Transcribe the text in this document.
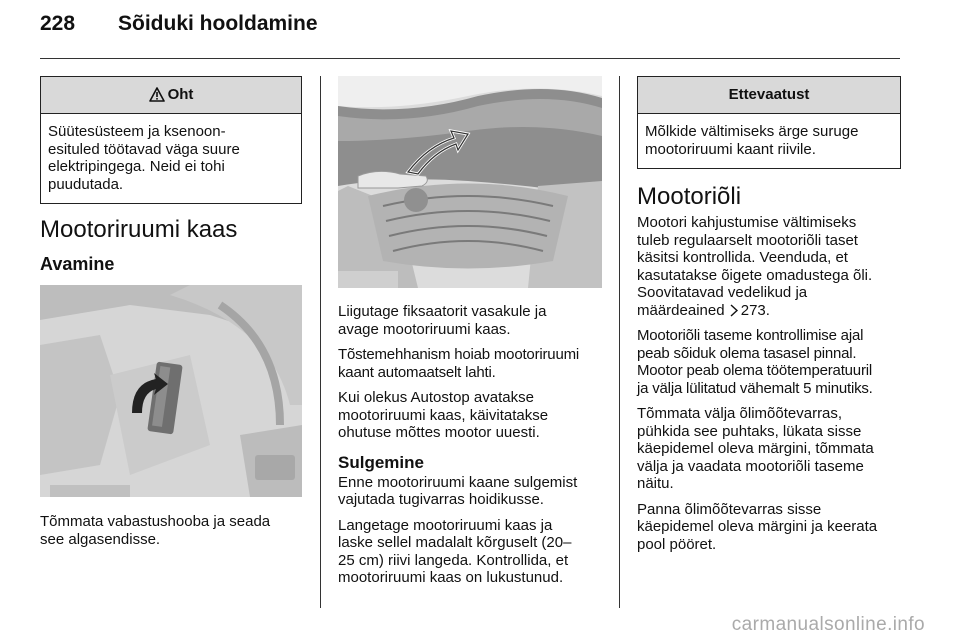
228 Sõiduki hooldamine
Oht
Süütesüsteem ja ksenoon-
esituled töötavad väga suure
elektripingega. Neid ei tohi
puudutada.
Mootoriruumi kaas
Avamine

Tõmmata vabastushooba ja seada
see algasendisse.

Liigutage fiksaatorit vasakule ja
avage mootoriruumi kaas.

Tõstemehhanism hoiab mootoriruumi
kaant automaatselt lahti.

Kui olekus Autostop avatakse
mootoriruumi kaas, käivitatakse
ohutuse mõttes mootor uuesti.

Sulgemine

Enne mootoriruumi kaane sulgemist
vajutada tugivarras hoidikusse.

Langetage mootoriruumi kaas ja
laske sellel madalalt kõrguselt (20–
25 cm) riivi langeda. Kontrollida, et
mootoriruumi kaas on lukustunud.

Ettevaatust
Mõlkide vältimiseks ärge suruge
mootoriruumi kaant riivile.
Mootoriõli

Mootori kahjustumise vältimiseks
tuleb regulaarselt mootoriõli taset
käsitsi kontrollida. Veenduda, et
kasutatakse õigete omadustega õli.
Soovitatavad vedelikud ja
määrdeained 273.

Mootoriõli taseme kontrollimise ajal
peab sõiduk olema tasasel pinnal.
Mootor peab olema töötemperatuuril
ja välja lülitatud vähemalt 5 minutiks.

Tõmmata välja õlimõõtevarras,
pühkida see puhtaks, lükata sisse
käepidemel oleva märgini, tõmmata
välja ja vaadata mootoriõli taseme
näitu.

Panna õlimõõtevarras sisse
käepidemel oleva märgini ja keerata
pool pööret.

carmanualsonline.info
